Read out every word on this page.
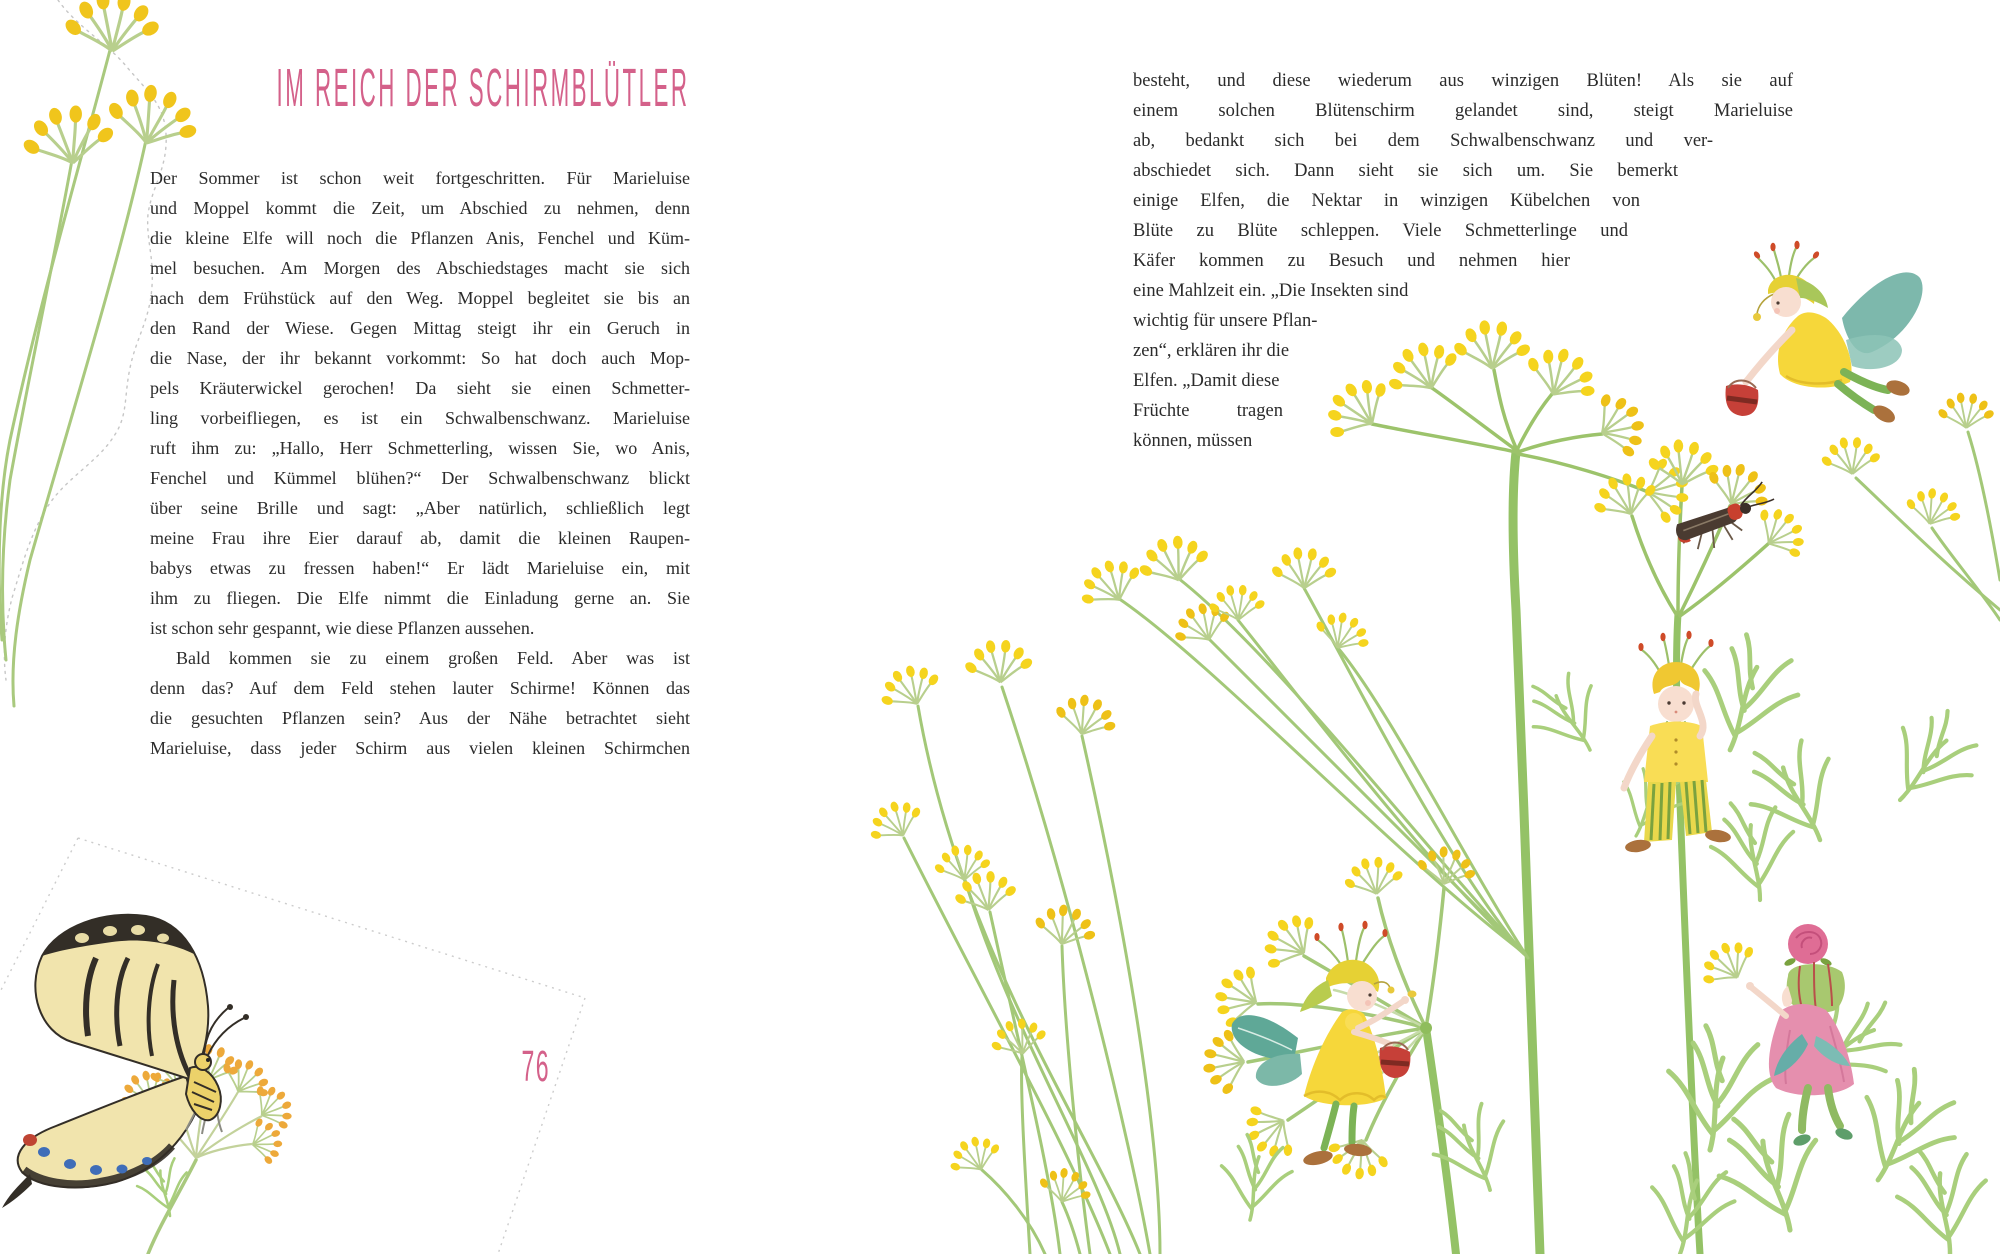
IM REICH DER SCHIRMBLÜTLER
Der Sommer ist schon weit fortgeschritten. Für Marieluise
und Moppel kommt die Zeit, um Abschied zu nehmen, denn
die kleine Elfe will noch die Pflanzen Anis, Fenchel und Küm-
mel besuchen. Am Morgen des Abschiedstages macht sie sich
nach dem Frühstück auf den Weg. Moppel begleitet sie bis an
den Rand der Wiese. Gegen Mittag steigt ihr ein Geruch in
die Nase, der ihr bekannt vorkommt: So hat doch auch Mop-
pels Kräuterwickel gerochen! Da sieht sie einen Schmetter-
ling vorbeifliegen, es ist ein Schwalbenschwanz. Marieluise
ruft ihm zu: „Hallo, Herr Schmetterling, wissen Sie, wo Anis,
Fenchel und Kümmel blühen?“ Der Schwalbenschwanz blickt
über seine Brille und sagt: „Aber natürlich, schließlich legt
meine Frau ihre Eier darauf ab, damit die kleinen Raupen-
babys etwas zu fressen haben!“ Er lädt Marieluise ein, mit
ihm zu fliegen. Die Elfe nimmt die Einladung gerne an. Sie
ist schon sehr gespannt, wie diese Pflanzen aussehen.
Bald kommen sie zu einem großen Feld. Aber was ist
denn das? Auf dem Feld stehen lauter Schirme! Können das
die gesuchten Pflanzen sein? Aus der Nähe betrachtet sieht
Marieluise, dass jeder Schirm aus vielen kleinen Schirmchen
76
besteht, und diese wiederum aus winzigen Blüten! Als sie auf
einem solchen Blütenschirm gelandet sind, steigt Marieluise
ab, bedankt sich bei dem Schwalbenschwanz und ver-
abschiedet sich. Dann sieht sie sich um. Sie bemerkt
einige Elfen, die Nektar in winzigen Kübelchen von
Blüte zu Blüte schleppen. Viele Schmetterlinge und
Käfer kommen zu Besuch und nehmen hier
eine Mahlzeit ein. „Die Insekten sind
wichtig für unsere Pflan-
zen“, erklären ihr die
Elfen. „Damit diese
Früchte tragen
können, müssen
